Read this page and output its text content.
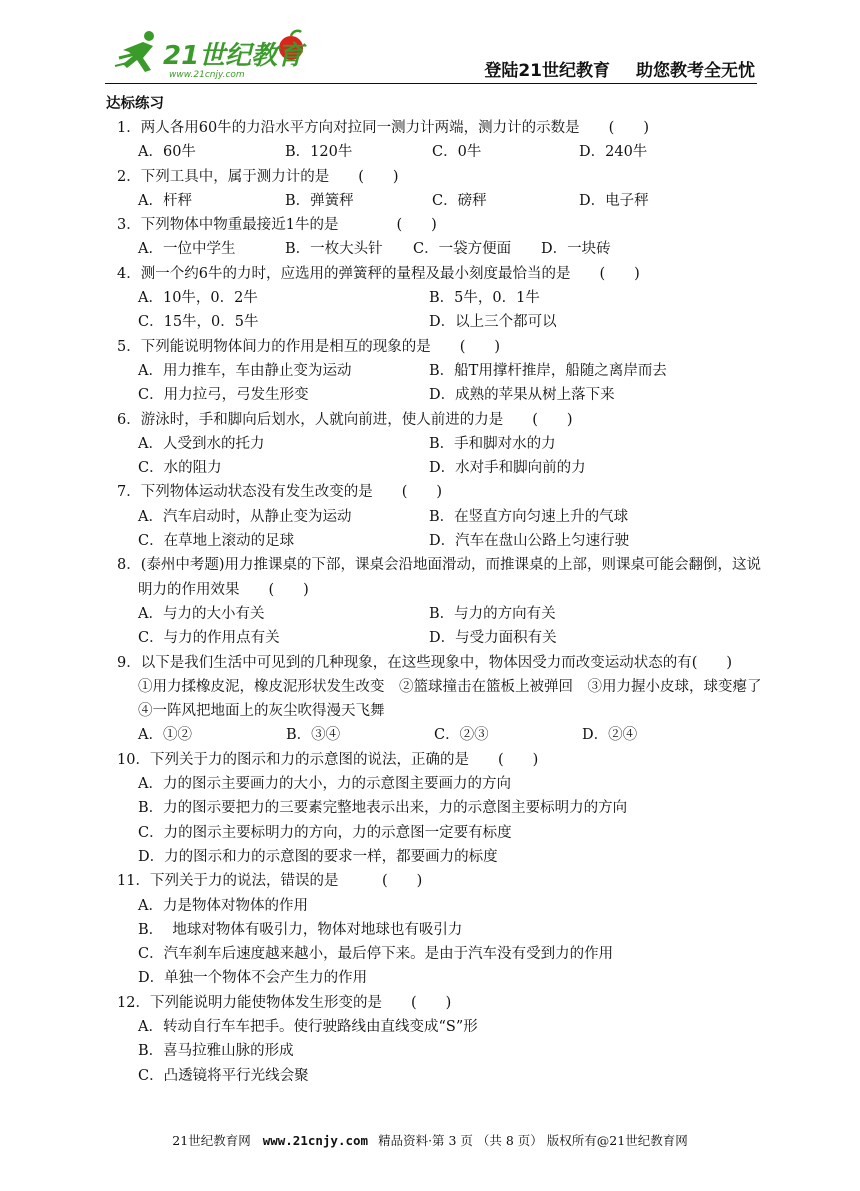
21世纪教育
www.21cnjy.com	登陆21世纪教育 助您教考全无忧
达标练习
1．两人各用60牛的力沿水平方向对拉同一测力计两端，测力计的示数是　　(　　)
A．60牛	B．120牛	C．0牛	D．240牛
2．下列工具中，属于测力计的是　　(　　)
A．杆秤	B．弹簧秤	C．磅秤	D．电子秤
3．下列物体中物重最接近1牛的是　　　　(　　)
A．一位中学生	B．一枚大头针	C．一袋方便面	D．一块砖
4．测一个约6牛的力时，应选用的弹簧秤的量程及最小刻度最恰当的是　　(　　)
A．10牛，0．2牛	B．5牛，0．1牛
C．15牛，0．5牛	D．以上三个都可以
5．下列能说明物体间力的作用是相互的现象的是　　(　　)
A．用力推车，车由静止变为运动	B．船T用撑杆推岸，船随之离岸而去
C．用力拉弓，弓发生形变	D．成熟的苹果从树上落下来
6．游泳时，手和脚向后划水，人就向前进，使人前进的力是　　(　　)
A．人受到水的托力	B．手和脚对水的力
C．水的阻力	D．水对手和脚向前的力
7．下列物体运动状态没有发生改变的是　　(　　)
A．汽车启动时，从静止变为运动	B．在竖直方向匀速上升的气球
C．在草地上滚动的足球	D．汽车在盘山公路上匀速行驶
8．(泰州中考题)用力推课桌的下部，课桌会沿地面滑动，而推课桌的上部，则课桌可能会翻倒，这说明力的作用效果　　(　　)
A．与力的大小有关	B．与力的方向有关
C．与力的作用点有关	D．与受力面积有关
9．以下是我们生活中可见到的几种现象，在这些现象中，物体因受力而改变运动状态的有(　　)
①用力揉橡皮泥，橡皮泥形状发生改变　②篮球撞击在篮板上被弹回　③用力握小皮球，球变瘪了　④一阵风把地面上的灰尘吹得漫天飞舞
A．①②	B．③④	C．②③	D．②④
10．下列关于力的图示和力的示意图的说法，正确的是　　(　　)
A．力的图示主要画力的大小，力的示意图主要画力的方向
B．力的图示要把力的三要素完整地表示出来，力的示意图主要标明力的方向
C．力的图示主要标明力的方向，力的示意图一定要有标度
D．力的图示和力的示意图的要求一样，都要画力的标度
11．下列关于力的说法，错误的是　　　(　　)
A．力是物体对物体的作用
B．  地球对物体有吸引力，物体对地球也有吸引力
C．汽车刹车后速度越来越小，最后停下来。是由于汽车没有受到力的作用
D．单独一个物体不会产生力的作用
12．下列能说明力能使物体发生形变的是　　(　　)
A．转动自行车车把手。使行驶路线由直线变成“S”形
B．喜马拉雅山脉的形成
C．凸透镜将平行光线会聚
21世纪教育网 www.21cnjy.com 精品资料·第 3 页 （共 8 页） 版权所有@21世纪教育网
